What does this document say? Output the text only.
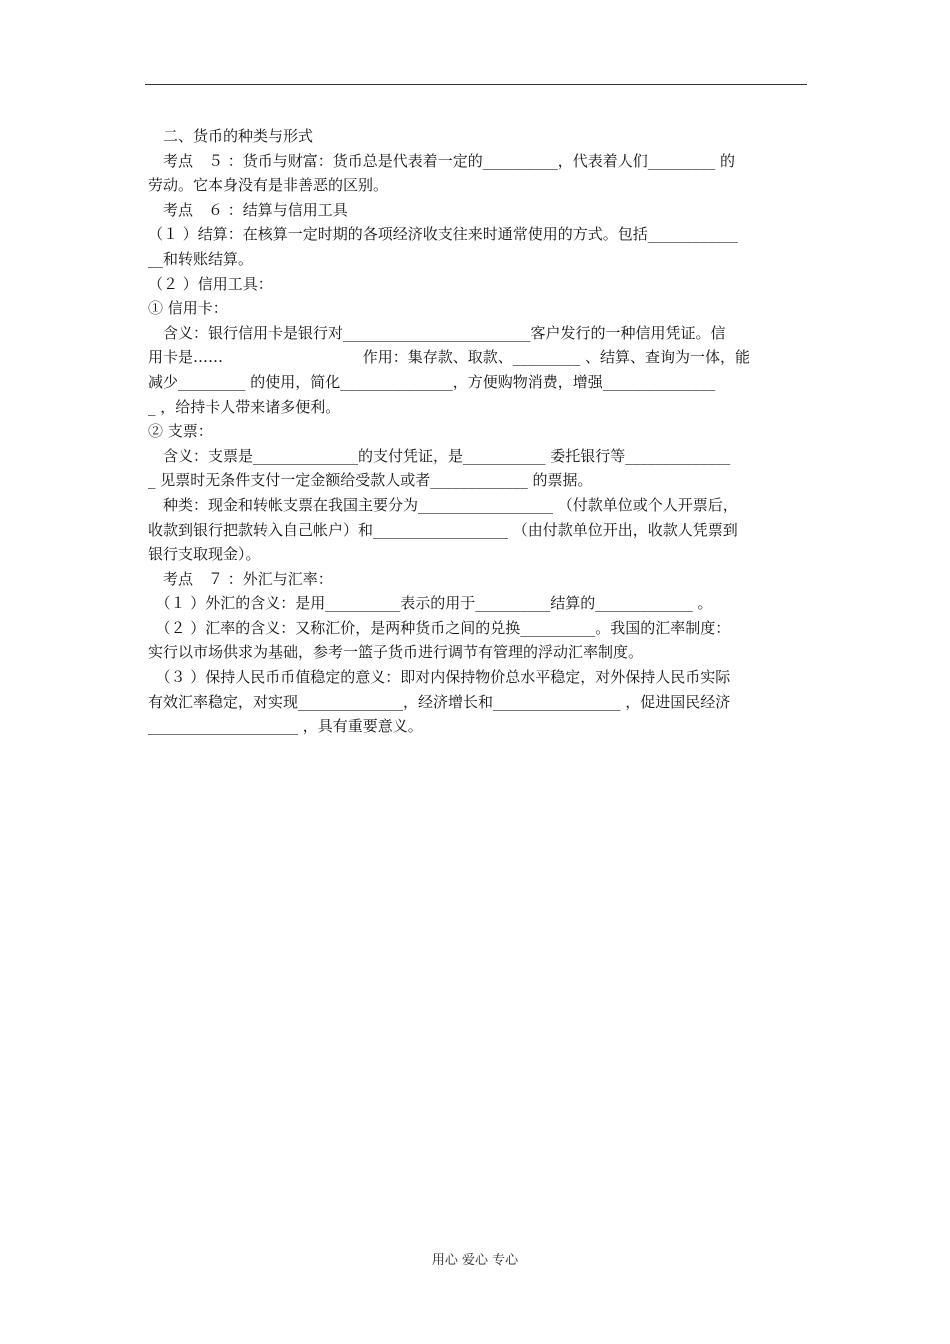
　二、货币的种类与形式
　考点　５ ：货币与财富：货币总是代表着一定的__________，代表着人们_________ 的
劳动。它本身没有是非善恶的区别。
　考点　６ ：结算与信用工具
（１ ）结算：在核算一定时期的各项经济收支往来时通常使用的方式。包括____________
__和转账结算。
（２ ）信用工具：
① 信用卡：
　含义：银行信用卡是银行对_________________________客户发行的一种信用凭证。信
用卡是……　　　　　　　　　 作用：集存款、取款、_________ 、结算、查询为一体，能
减少_________ 的使用，简化_______________，方便购物消费，增强_______________
_ ，给持卡人带来诸多便利。
② 支票：
　含义：支票是______________的支付凭证，是___________ 委托银行等______________
_ 见票时无条件支付一定金额给受款人或者_____________ 的票据。
　种类：现金和转帐支票在我国主要分为__________________ （付款单位或个人开票后，
收款到银行把款转入自己帐户）和__________________ （由付款单位开出，收款人凭票到
银行支取现金）。
　考点　７ ：外汇与汇率：
　（１ ）外汇的含义：是用__________表示的用于__________结算的_____________ 。
　（２ ）汇率的含义：又称汇价，是两种货币之间的兑换__________。我国的汇率制度：
实行以市场供求为基础，参考一篮子货币进行调节有管理的浮动汇率制度。
　（３ ）保持人民币币值稳定的意义：即对内保持物价总水平稳定，对外保持人民币实际
有效汇率稳定，对实现______________，经济增长和_________________ ，促进国民经济
____________________ ，具有重要意义。
用心 爱心 专心
